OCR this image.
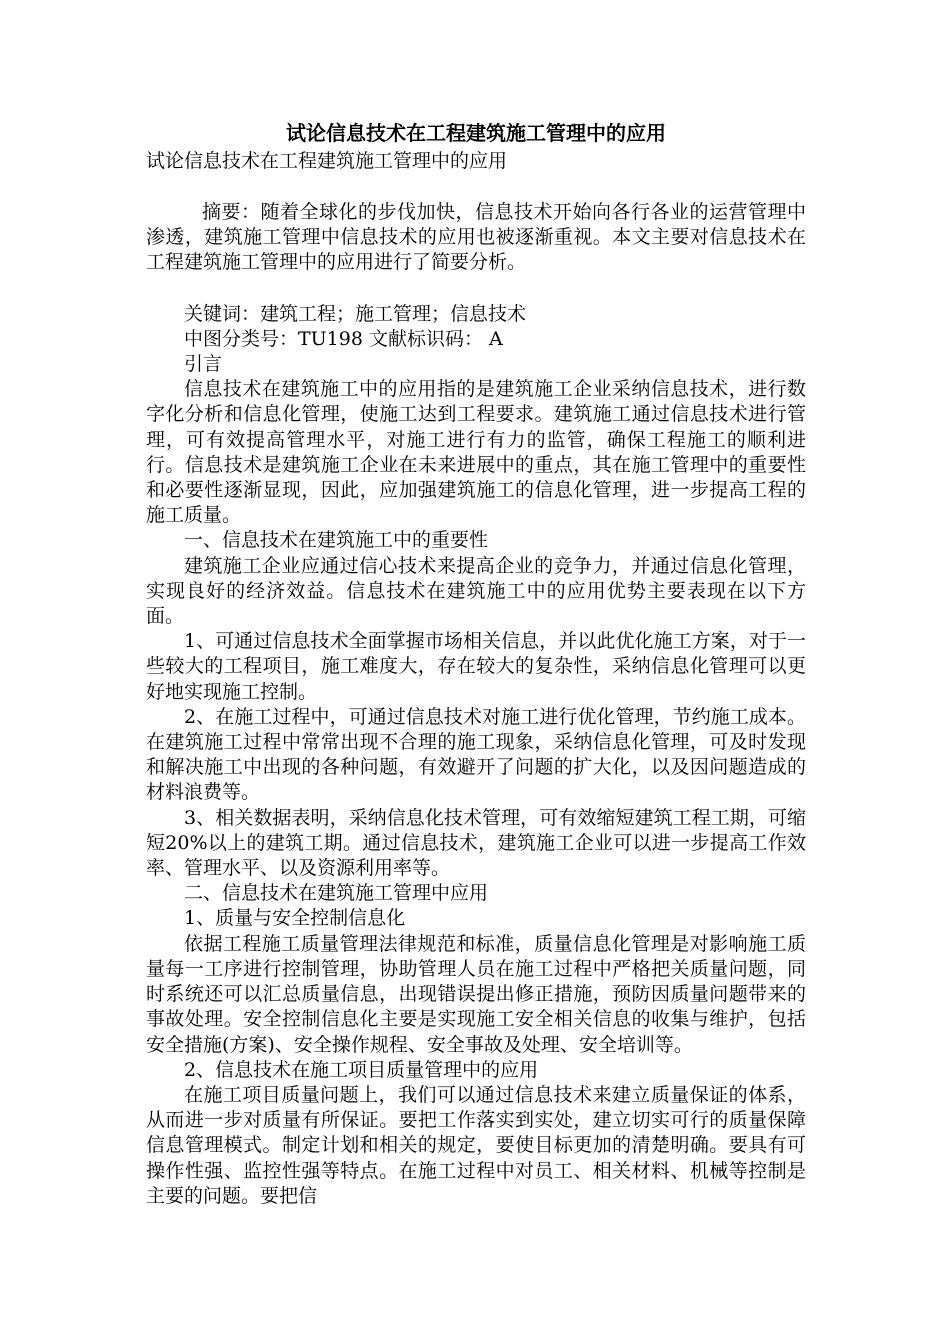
试论信息技术在工程建筑施工管理中的应用

试论信息技术在工程建筑施工管理中的应用

摘要：随着全球化的步伐加快，信息技术开始向各行各业的运营管理中渗透，建筑施工管理中信息技术的应用也被逐渐重视。本文主要对信息技术在工程建筑施工管理中的应用进行了简要分析。

关键词：建筑工程；施工管理；信息技术

中图分类号：TU198 文献标识码： A

引言

信息技术在建筑施工中的应用指的是建筑施工企业采纳信息技术，进行数字化分析和信息化管理，使施工达到工程要求。建筑施工通过信息技术进行管理，可有效提高管理水平，对施工进行有力的监管，确保工程施工的顺利进行。信息技术是建筑施工企业在未来进展中的重点，其在施工管理中的重要性和必要性逐渐显现，因此，应加强建筑施工的信息化管理，进一步提高工程的施工质量。

一、信息技术在建筑施工中的重要性

建筑施工企业应通过信心技术来提高企业的竞争力，并通过信息化管理，实现良好的经济效益。信息技术在建筑施工中的应用优势主要表现在以下方面。

1、可通过信息技术全面掌握市场相关信息，并以此优化施工方案，对于一些较大的工程项目，施工难度大，存在较大的复杂性，采纳信息化管理可以更好地实现施工控制。

2、在施工过程中，可通过信息技术对施工进行优化管理，节约施工成本。在建筑施工过程中常常出现不合理的施工现象，采纳信息化管理，可及时发现和解决施工中出现的各种问题，有效避开了问题的扩大化，以及因问题造成的材料浪费等。

3、相关数据表明，采纳信息化技术管理，可有效缩短建筑工程工期，可缩短20%以上的建筑工期。通过信息技术，建筑施工企业可以进一步提高工作效率、管理水平、以及资源利用率等。

二、信息技术在建筑施工管理中应用

1、质量与安全控制信息化

依据工程施工质量管理法律规范和标准，质量信息化管理是对影响施工质量每一工序进行控制管理，协助管理人员在施工过程中严格把关质量问题，同时系统还可以汇总质量信息，出现错误提出修正措施，预防因质量问题带来的事故处理。安全控制信息化主要是实现施工安全相关信息的收集与维护，包括安全措施(方案)、安全操作规程、安全事故及处理、安全培训等。

2、信息技术在施工项目质量管理中的应用

在施工项目质量问题上，我们可以通过信息技术来建立质量保证的体系，从而进一步对质量有所保证。要把工作落实到实处，建立切实可行的质量保障信息管理模式。制定计划和相关的规定，要使目标更加的清楚明确。要具有可操作性强、监控性强等特点。在施工过程中对员工、相关材料、机械等控制是主要的问题。要把信
